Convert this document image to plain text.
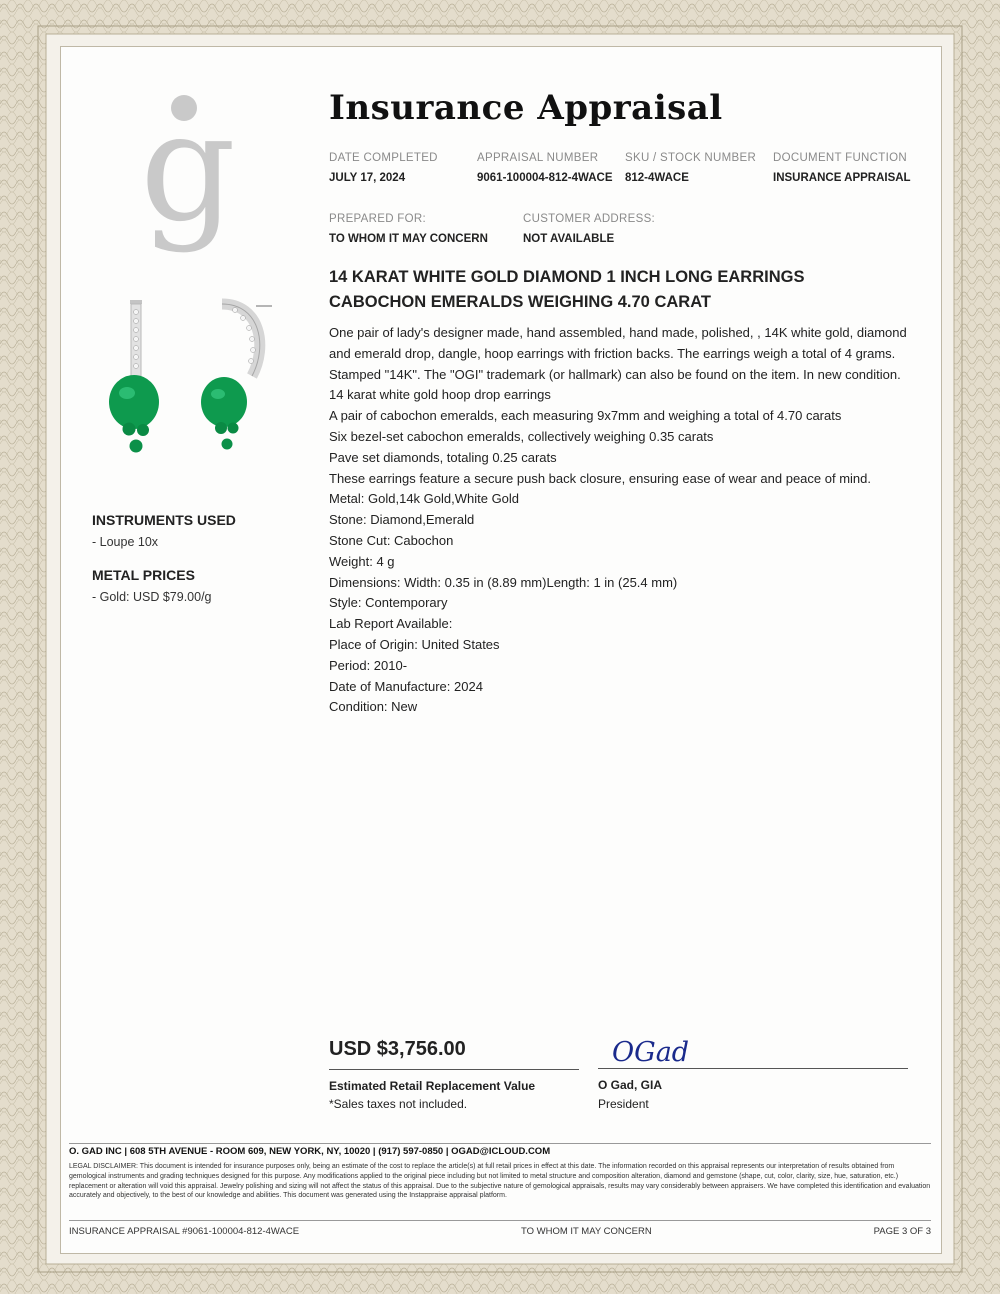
g
INSTRUMENTS USED
- Loupe 10x
METAL PRICES
- Gold: USD $79.00/g
Insurance Appraisal
DATE COMPLETED
JULY 17, 2024
APPRAISAL NUMBER
9061-100004-812-4WACE
SKU / STOCK NUMBER
812-4WACE
DOCUMENT FUNCTION
INSURANCE APPRAISAL
PREPARED FOR:
TO WHOM IT MAY CONCERN
CUSTOMER ADDRESS:
NOT AVAILABLE
14 KARAT WHITE GOLD DIAMOND 1 INCH LONG EARRINGS
CABOCHON EMERALDS WEIGHING 4.70 CARAT

One pair of lady's designer made, hand assembled, hand made, polished, , 14K white gold, diamond and emerald drop, dangle, hoop earrings with friction backs. The earrings weigh a total of 4 grams. Stamped "14K". The "OGI" trademark (or hallmark) can also be found on the item. In new condition.

14 karat white gold hoop drop earrings

A pair of cabochon emeralds, each measuring 9x7mm and weighing a total of 4.70 carats

Six bezel-set cabochon emeralds, collectively weighing 0.35 carats

Pave set diamonds, totaling 0.25 carats

These earrings feature a secure push back closure, ensuring ease of wear and peace of mind.

Metal: Gold,14k Gold,White Gold

Stone: Diamond,Emerald

Stone Cut: Cabochon

Weight: 4 g

Dimensions: Width: 0.35 in (8.89 mm)Length: 1 in (25.4 mm)

Style: Contemporary

Lab Report Available:

Place of Origin: United States

Period: 2010-

Date of Manufacture: 2024

Condition: New

USD $3,756.00
Estimated Retail Replacement Value
*Sales taxes not included.
OGad
O Gad, GIA
President
O. GAD INC | 608 5TH AVENUE - ROOM 609, NEW YORK, NY, 10020 | (917) 597-0850 | OGAD@ICLOUD.COM
LEGAL DISCLAIMER: This document is intended for insurance purposes only, being an estimate of the cost to replace the article(s) at full retail prices in effect at this date. The information recorded on this appraisal represents our interpretation of results obtained from gemological instruments and grading techniques designed for this purpose. Any modifications applied to the original piece including but not limited to metal structure and composition alteration, diamond and gemstone (shape, cut, color, clarity, size, hue, saturation, etc.) replacement or alteration will void this appraisal. Jewelry polishing and sizing will not affect the status of this appraisal. Due to the subjective nature of gemological appraisals, results may vary considerably between appraisers. We have completed this identification and evaluation accurately and objectively, to the best of our knowledge and abilities. This document was generated using the Instappraise appraisal platform.
INSURANCE APPRAISAL #9061-100004-812-4WACE	TO WHOM IT MAY CONCERN	PAGE 3 OF 3
